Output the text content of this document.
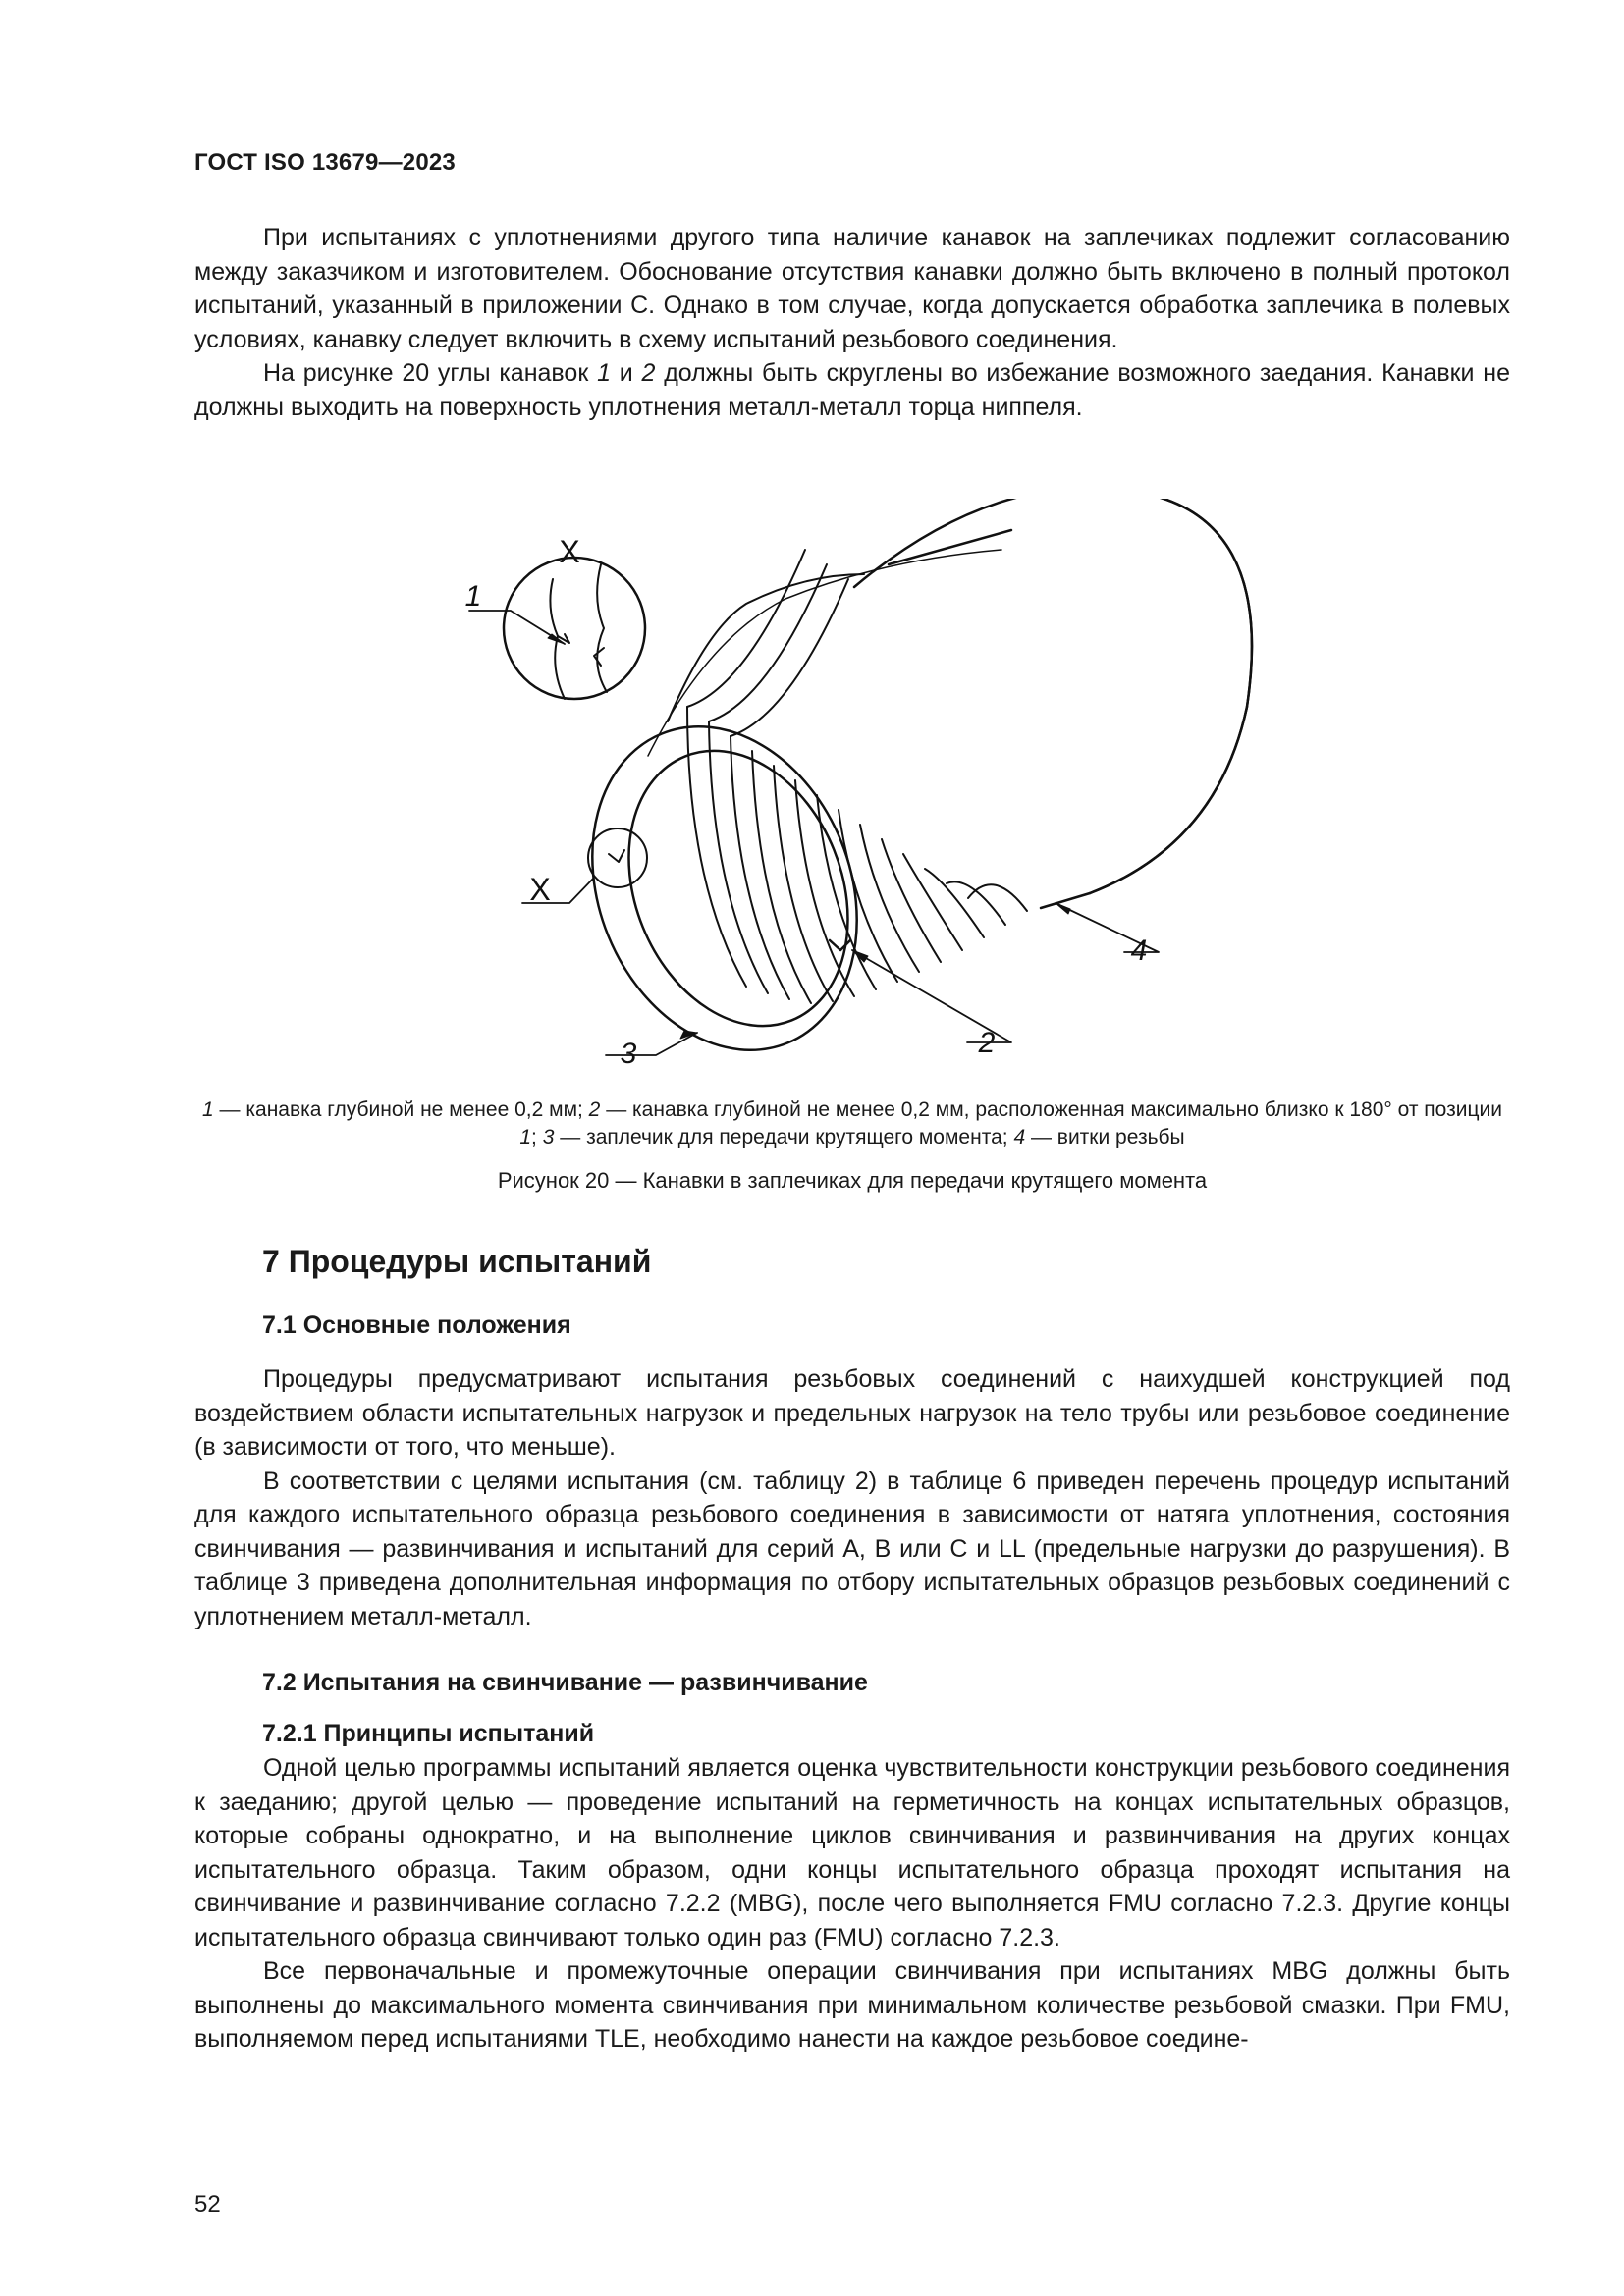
ГОСТ ISO 13679—2023

При испытаниях с уплотнениями другого типа наличие канавок на заплечиках подлежит согласованию между заказчиком и изготовителем. Обоснование отсутствия канавки должно быть включено в полный протокол испытаний, указанный в приложении С. Однако в том случае, когда допускается обработка заплечика в полевых условиях, канавку следует включить в схему испытаний резьбового соединения.

На рисунке 20 углы канавок 1 и 2 должны быть скруглены во избежание возможного заедания. Канавки не должны выходить на поверхность уплотнения металл-металл торца ниппеля.

X
X
1
2
3
4
1 — канавка глубиной не менее 0,2 мм; 2 — канавка глубиной не менее 0,2 мм, расположенная максимально близко к 180° от позиции 1; 3 — заплечик для передачи крутящего момента; 4 — витки резьбы
Рисунок 20 — Канавки в заплечиках для передачи крутящего момента
7 Процедуры испытаний
7.1 Основные положения

Процедуры предусматривают испытания резьбовых соединений с наихудшей конструкцией под воздействием области испытательных нагрузок и предельных нагрузок на тело трубы или резьбовое соединение (в зависимости от того, что меньше).

В соответствии с целями испытания (см. таблицу 2) в таблице 6 приведен перечень процедур испытаний для каждого испытательного образца резьбового соединения в зависимости от натяга уплотнения, состояния свинчивания — развинчивания и испытаний для серий А, В или С и LL (предельные нагрузки до разрушения). В таблице 3 приведена дополнительная информация по отбору испытательных образцов резьбовых соединений с уплотнением металл-металл.

7.2 Испытания на свинчивание — развинчивание
7.2.1 Принципы испытаний

Одной целью программы испытаний является оценка чувствительности конструкции резьбового соединения к заеданию; другой целью — проведение испытаний на герметичность на концах испытательных образцов, которые собраны однократно, и на выполнение циклов свинчивания и развинчивания на других концах испытательного образца. Таким образом, одни концы испытательного образца проходят испытания на свинчивание и развинчивание согласно 7.2.2 (MBG), после чего выполняется FMU согласно 7.2.3. Другие концы испытательного образца свинчивают только один раз (FMU) согласно 7.2.3.

Все первоначальные и промежуточные операции свинчивания при испытаниях MBG должны быть выполнены до максимального момента свинчивания при минимальном количестве резьбовой смазки. При FMU, выполняемом перед испытаниями TLE, необходимо нанести на каждое резьбовое соедине-

52
